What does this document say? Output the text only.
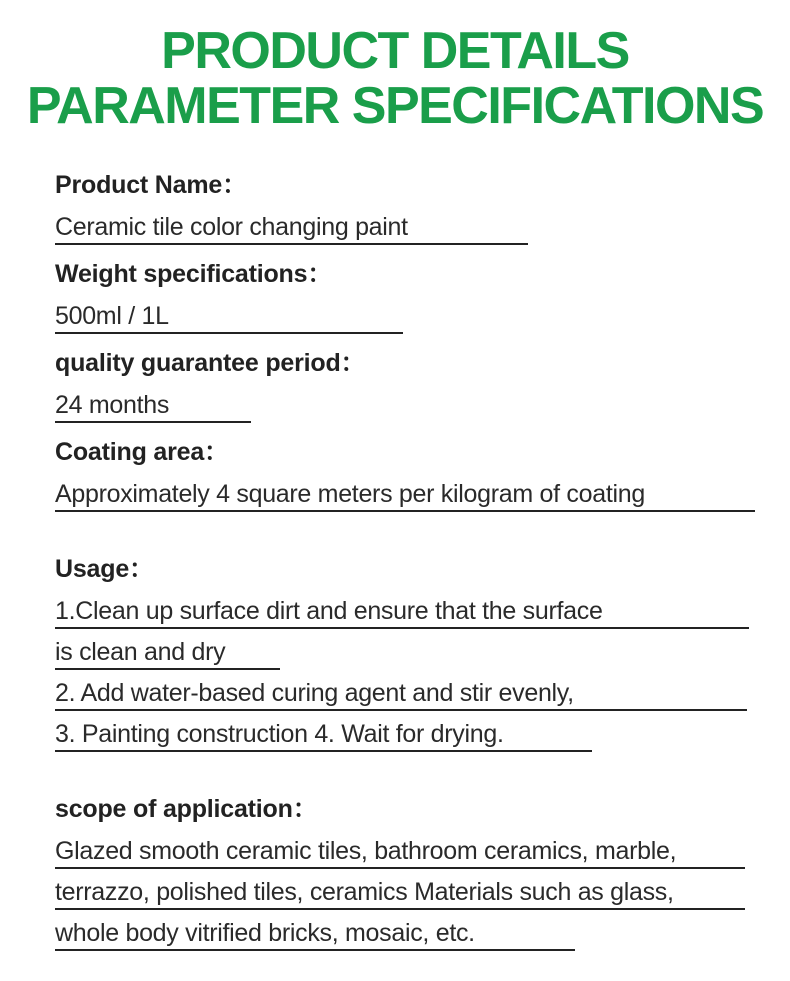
PRODUCT DETAILS
PARAMETER SPECIFICATIONS
Product Name：
Ceramic tile color changing paint
Weight specifications：
500ml / 1L
quality guarantee period：
24 months
Coating area：
Approximately 4 square meters per kilogram of coating
Usage：
1.Clean up surface dirt and ensure that the surface
is clean and dry
2. Add water-based curing agent and stir evenly,
3. Painting construction 4. Wait for drying.
scope of application：
Glazed smooth ceramic tiles, bathroom ceramics, marble,
terrazzo, polished tiles, ceramics Materials such as glass,
whole body vitrified bricks, mosaic, etc.
